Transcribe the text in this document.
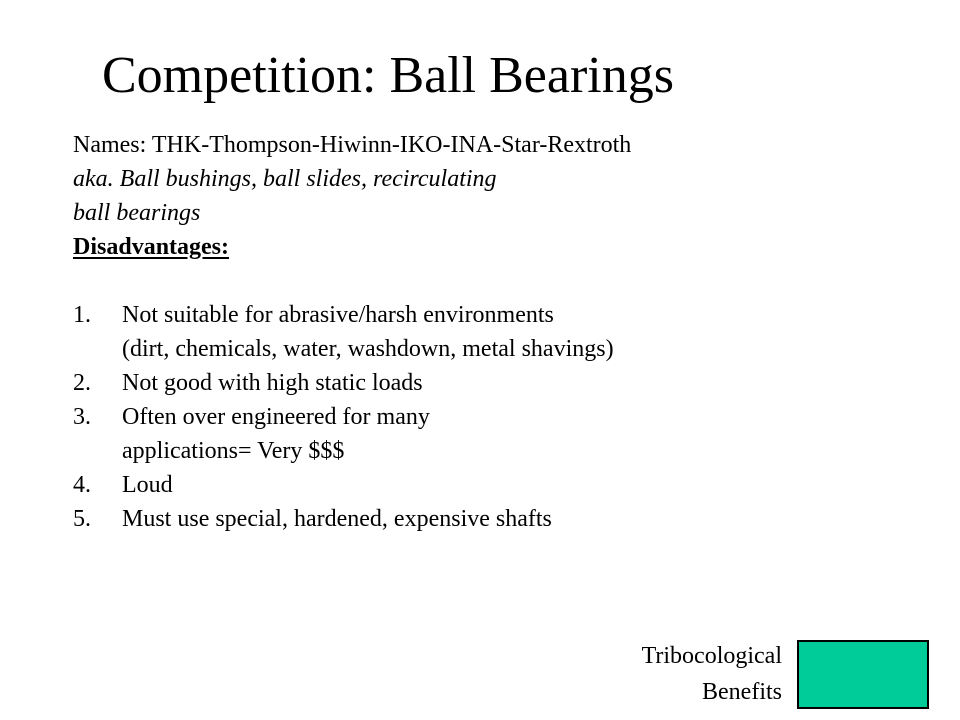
Competition: Ball Bearings
Names: THK-Thompson-Hiwinn-IKO-INA-Star-Rextroth
aka. Ball bushings, ball slides, recirculating
ball bearings
Disadvantages:
1.	Not suitable for abrasive/harsh environments
(dirt, chemicals, water, washdown, metal shavings)
2.	Not good with high static loads
3.	Often over engineered for many
applications= Very $$$
4.	Loud
5.	Must use special, hardened, expensive shafts
Tribocological
Benefits
